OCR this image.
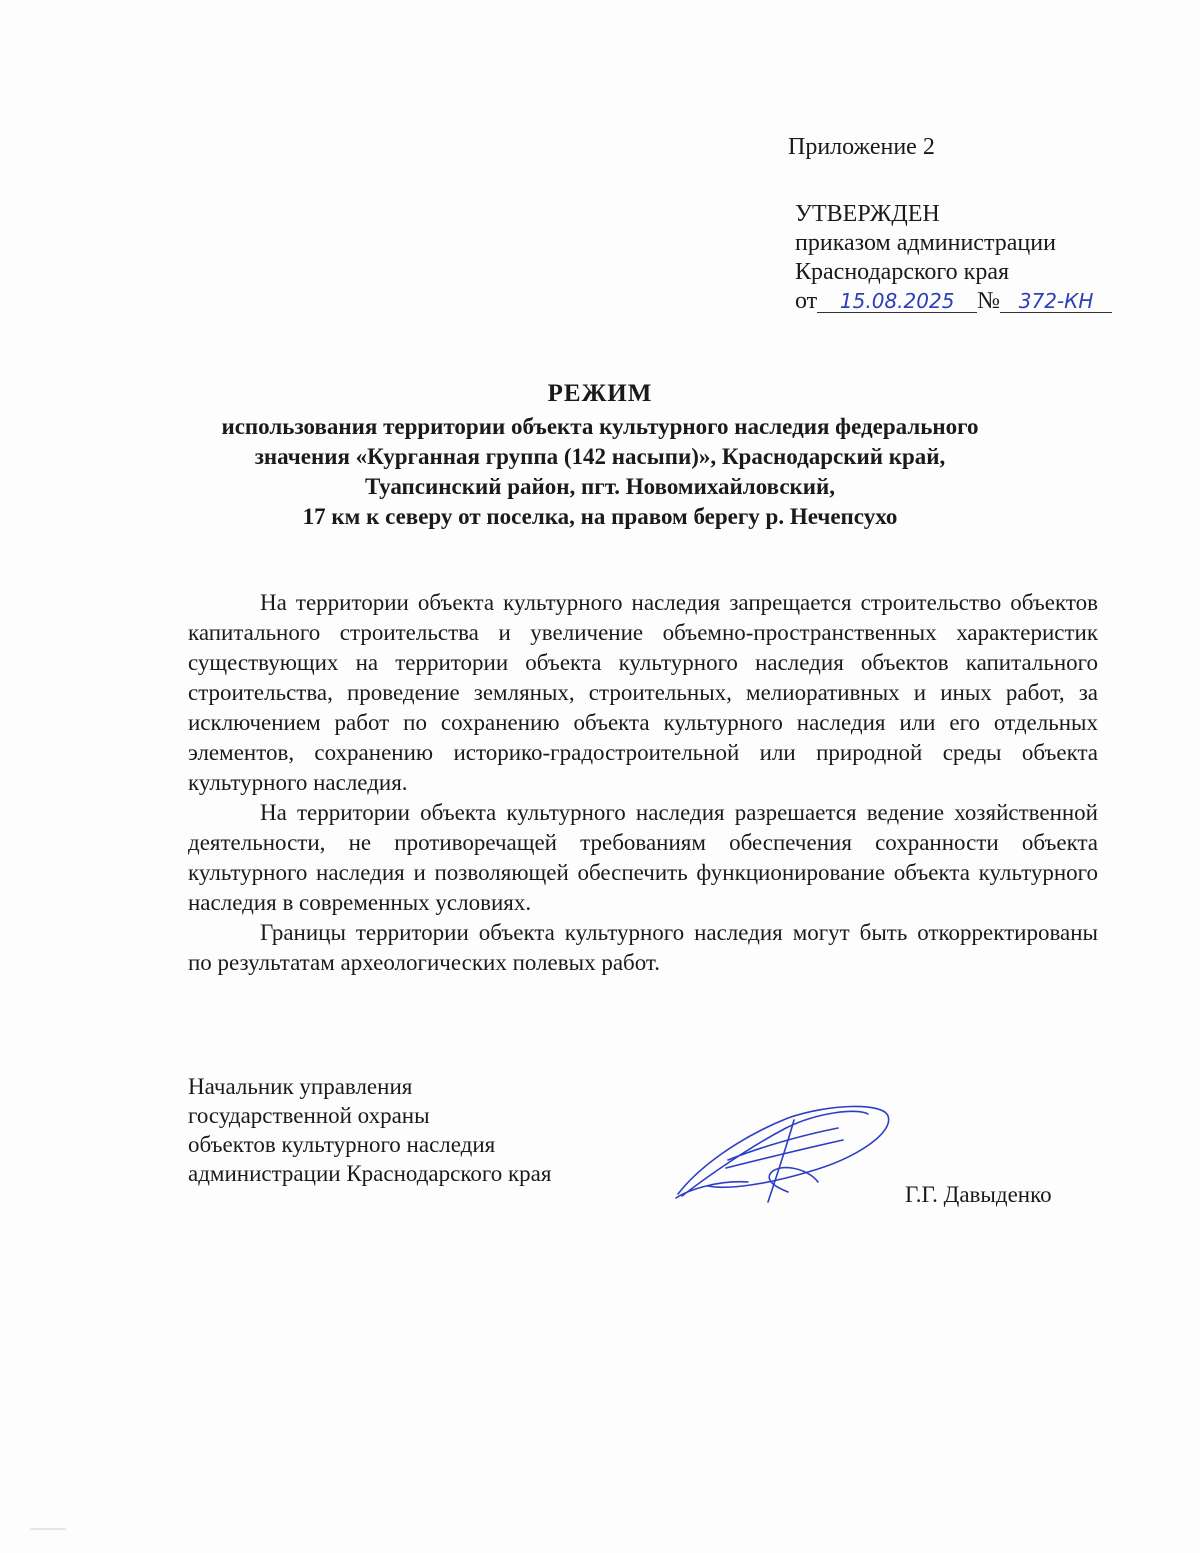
Приложение 2
УТВЕРЖДЕН
приказом администрации
Краснодарского края
от 15.08.2025 № 372-КН
РЕЖИМ
использования территории объекта культурного наследия федерального
значения «Курганная группа (142 насыпи)», Краснодарский край,
Туапсинский район, пгт. Новомихайловский,
17 км к северу от поселка, на правом берегу р. Нечепсухо

На территории объекта культурного наследия запрещается строительство объектов капитального строительства и увеличение объемно-пространственных характеристик существующих на территории объекта культурного наследия объектов капитального строительства, проведение земляных, строительных, мелиоративных и иных работ, за исключением работ по сохранению объекта культурного наследия или его отдельных элементов, сохранению историко-градостроительной или природной среды объекта культурного наследия.

На территории объекта культурного наследия разрешается ведение хозяйственной деятельности, не противоречащей требованиям обеспечения сохранности объекта культурного наследия и позволяющей обеспечить функционирование объекта культурного наследия в современных условиях.

Границы территории объекта культурного наследия могут быть откорректированы по результатам археологических полевых работ.

Начальник управления
государственной охраны
объектов культурного наследия
администрации Краснодарского края
Г.Г. Давыденко
